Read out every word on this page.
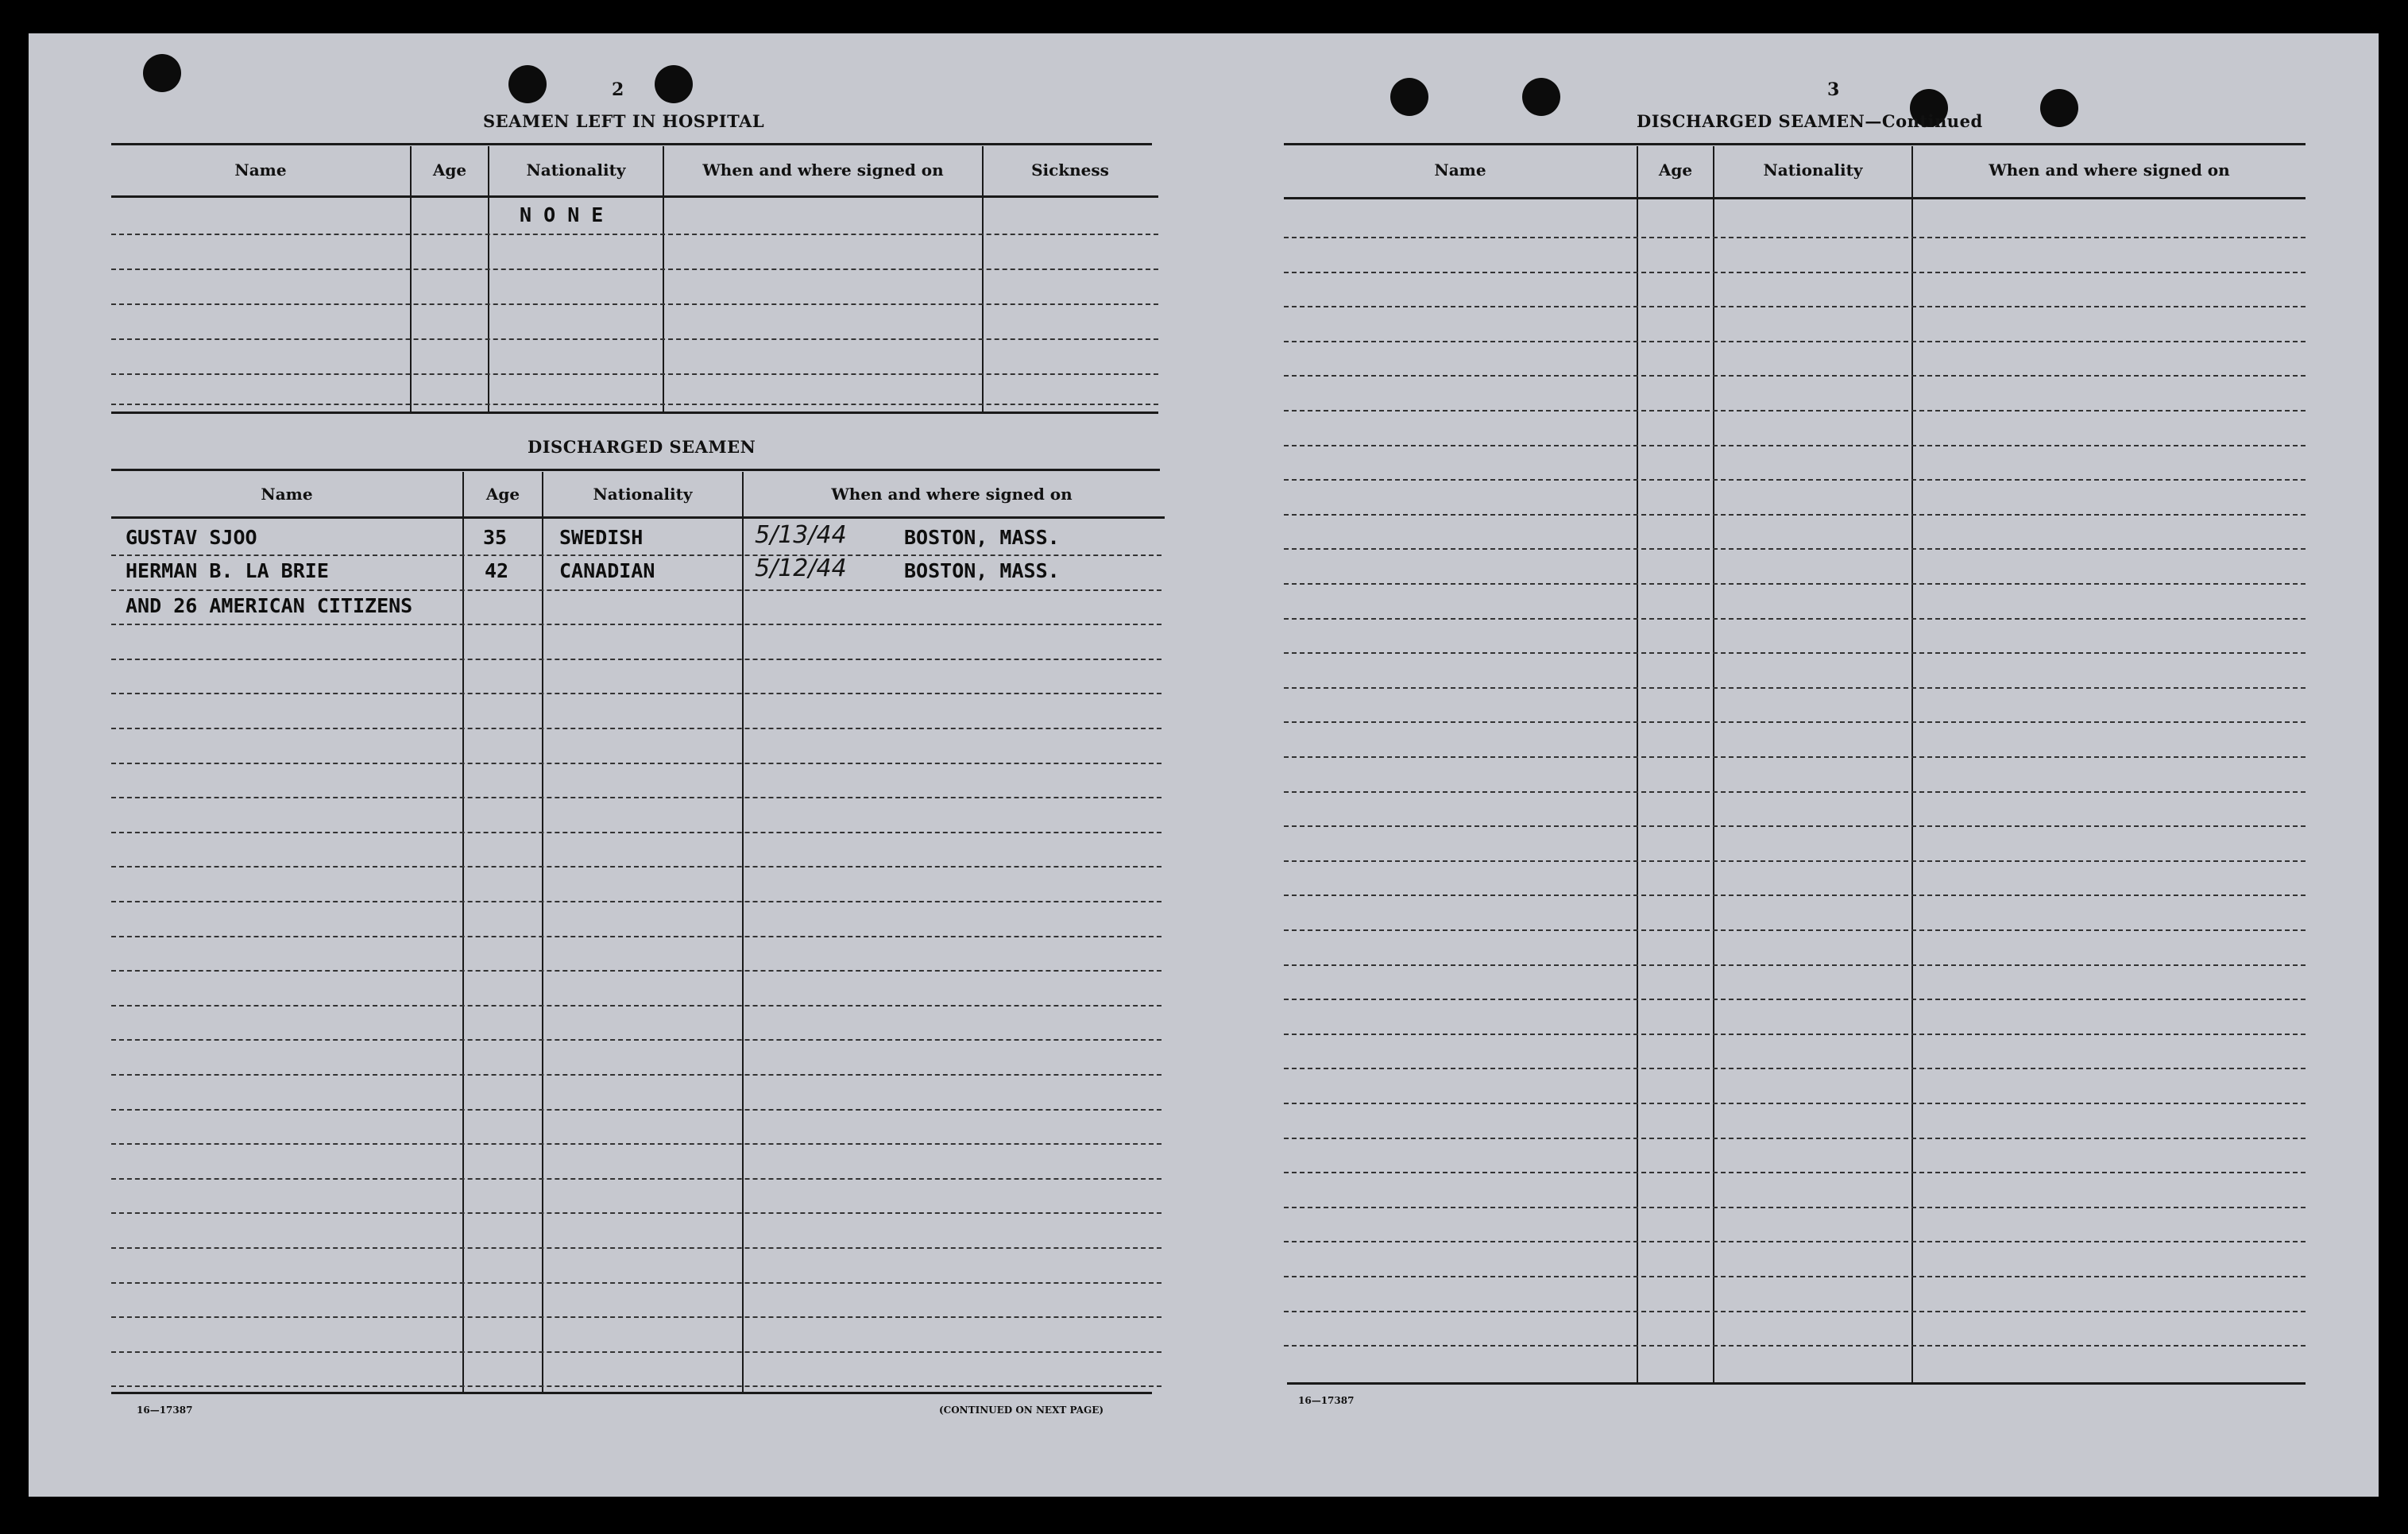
2
SEAMEN LEFT IN HOSPITAL
Name	Age	Nationality	When and where signed on	Sickness
N O N E
DISCHARGED SEAMEN
Name	Age	Nationality	When and where signed on
GUSTAV SJOO	35	SWEDISH	5/13/44	BOSTON, MASS.
HERMAN B. LA BRIE	42	CANADIAN	5/12/44	BOSTON, MASS.
AND 26 AMERICAN CITIZENS
16—17387	(CONTINUED ON NEXT PAGE)
3
DISCHARGED SEAMEN—Continued
Name	Age	Nationality	When and where signed on
16—17387
